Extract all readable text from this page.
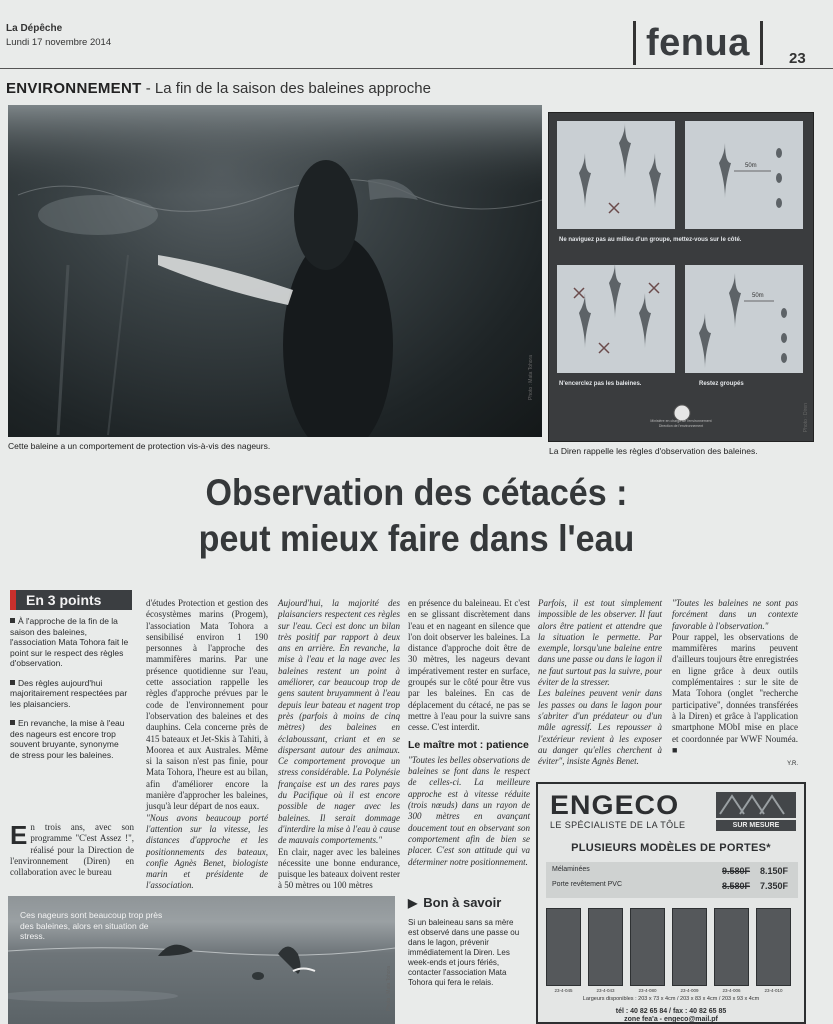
La Dépêche
Lundi 17 novembre 2014	fenua	23
ENVIRONNEMENT - La fin de la saison des baleines approche
Photo : Mata Tohora
Cette baleine a un comportement de protection vis-à-vis des nageurs.
Ne naviguez pas au milieu d'un groupe, mettez-vous sur le côté.
N'encerclez pas les baleines.	Restez groupés
50m
50m
Ministère en charge de l'environnement
Direction de l'environnement	Photo : Diren
La Diren rappelle les règles d'observation des baleines.
Observation des cétacés :
peut mieux faire dans l'eau
En 3 points
À l'approche de la fin de la saison des baleines, l'association Mata Tohora fait le point sur le respect des règles d'observation.
Des règles aujourd'hui majoritairement respectées par les plaisanciers.
En revanche, la mise à l'eau des nageurs est encore trop souvent bruyante, synonyme de stress pour les baleines.
En trois ans, avec son programme "C'est Assez !", réalisé pour la Direction de l'environnement (Diren) en collaboration avec le bureau

d'études Protection et gestion des écosystèmes marins (Progem), l'association Mata Tohora a sensibilisé environ 1 190 personnes à l'approche des mammifères marins. Par une présence quotidienne sur l'eau, cette association rappelle les règles d'approche prévues par le code de l'environnement pour l'observation des baleines et des dauphins. Cela concerne près de 415 bateaux et Jet-Skis à Tahiti, à Moorea et aux Australes. Même si la saison n'est pas finie, pour Mata Tohora, l'heure est au bilan, afin d'améliorer encore la manière d'approcher les baleines, jusqu'à leur départ de nos eaux.

"Nous avons beaucoup porté l'attention sur la vitesse, les distances d'approche et les positionnements des bateaux, confie Agnès Benet, biologiste marin et présidente de l'association.

Aujourd'hui, la majorité des plaisanciers respectent ces règles sur l'eau. Ceci est donc un bilan très positif par rapport à deux ans en arrière. En revanche, la mise à l'eau et la nage avec les baleines restent un point à améliorer, car beaucoup trop de gens sautent bruyamment à l'eau depuis leur bateau et nagent trop près (parfois à moins de cinq mètres) des baleines en éclaboussant, criant et en se dispersant autour des animaux. Ce comportement provoque un stress considérable. La Polynésie française est un des rares pays du Pacifique où il est encore possible de nager avec les baleines. Il serait dommage d'interdire la mise à l'eau à cause de mauvais comportements."

En clair, nager avec les baleines nécessite une bonne endurance, puisque les bateaux doivent rester à 50 mètres ou 100 mètres

en présence du baleineau. Et c'est en se glissant discrètement dans l'eau et en nageant en silence que l'on doit observer les baleines. La distance d'approche doit être de 30 mètres, les nageurs devant impérativement rester en surface, groupés sur le côté pour être vus par les baleines. En cas de déplacement du cétacé, ne pas se mettre à l'eau pour la suivre sans cesse. C'est interdit.

Le maître mot : patience

"Toutes les belles observations de baleines se font dans le respect de celles-ci. La meilleure approche est à vitesse réduite (trois nœuds) dans un rayon de 300 mètres en avançant doucement tout en observant son comportement afin de bien se placer. C'est son attitude qui va déterminer notre positionnement.

Parfois, il est tout simplement impossible de les observer. Il faut alors être patient et attendre que la situation le permette. Par exemple, lorsqu'une baleine entre dans une passe ou dans le lagon il ne faut surtout pas la suivre, pour éviter de la stresser.

Les baleines peuvent venir dans les passes ou dans le lagon pour s'abriter d'un prédateur ou d'un mâle agressif. Les repousser à l'extérieur revient à les exposer au danger qu'elles cherchent à éviter", insiste Agnès Benet.

"Toutes les baleines ne sont pas forcément dans un contexte favorable à l'observation."

Pour rappel, les observations de mammifères marins peuvent d'ailleurs toujours être enregistrées en ligne grâce à deux outils complémentaires : sur le site de Mata Tohora (onglet "recherche participative", données transférées à la Diren) et grâce à l'application smartphone MObI mise en place et coordonnée par WWF Nouméa. ■

Y.R.
▶ Bon à savoir
Si un baleineau sans sa mère est observé dans une passe ou dans le lagon, prévenir immédiatement la Diren. Les week-ends et jours fériés, contacter l'association Mata Tohora qui fera le relais.
Ces nageurs sont beaucoup trop près des baleines, alors en situation de stress.
Photo : Mata Tohora
ENGECO
LE SPÉCIALISTE DE LA TÔLE	SUR MESURE
PLUSIEURS MODÈLES DE PORTES*
Mélaminées	9.580F 8.150F
Porte revêtement PVC	8.580F 7.350F
23-4-045	23-4-043	23-4-080	23-4-009	23-4-006	23-4-010
Largeurs disponibles : 203 x 73 x 4cm / 203 x 83 x 4cm / 203 x 93 x 4cm
tél : 40 82 65 84 / fax : 40 82 65 85
zone fea'a - engeco@mail.pf
